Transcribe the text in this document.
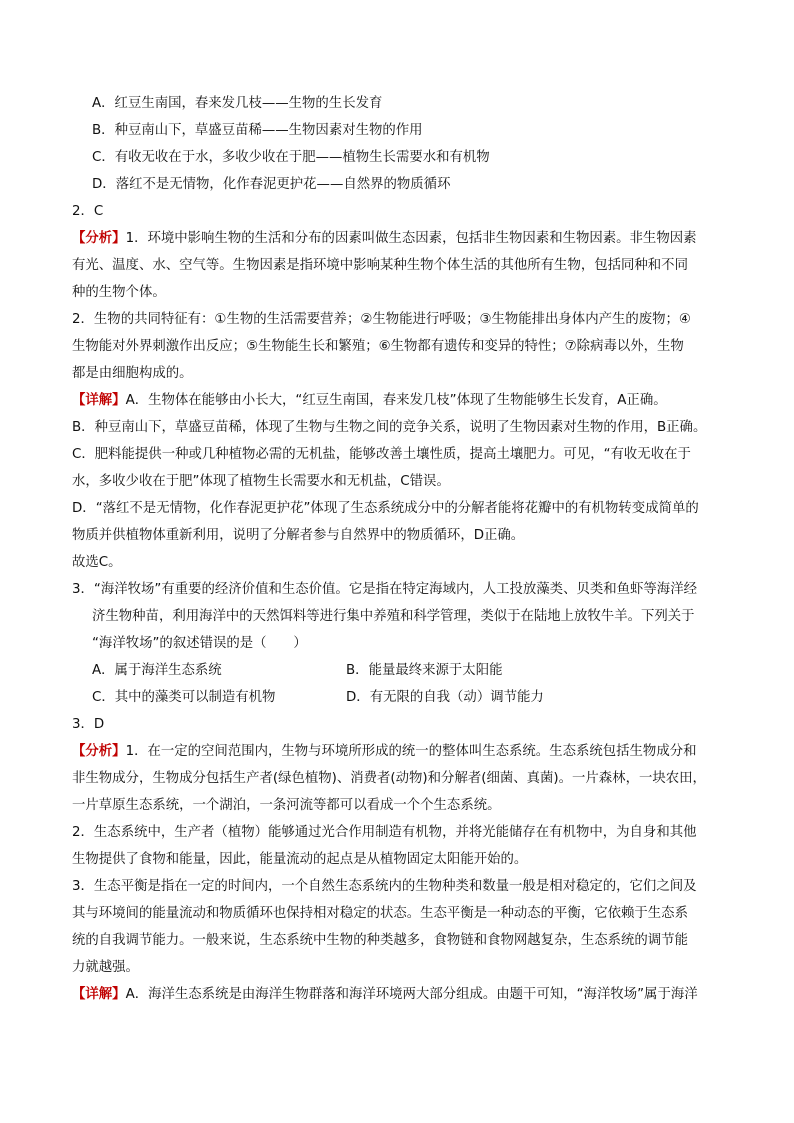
A．红豆生南国，春来发几枝——生物的生长发育
B．种豆南山下，草盛豆苗稀——生物因素对生物的作用
C．有收无收在于水，多收少收在于肥——植物生长需要水和有机物
D．落红不是无情物，化作春泥更护花——自然界的物质循环
2．C
【分析】1．环境中影响生物的生活和分布的因素叫做生态因素，包括非生物因素和生物因素。非生物因素
有光、温度、水、空气等。生物因素是指环境中影响某种生物个体生活的其他所有生物，包括同种和不同
种的生物个体。
2．生物的共同特征有：①生物的生活需要营养；②生物能进行呼吸；③生物能排出身体内产生的废物；④
生物能对外界刺激作出反应；⑤生物能生长和繁殖；⑥生物都有遗传和变异的特性；⑦除病毒以外，生物
都是由细胞构成的。
【详解】A．生物体在能够由小长大，“红豆生南国，春来发几枝”体现了生物能够生长发育，A正确。
B．种豆南山下，草盛豆苗稀，体现了生物与生物之间的竞争关系，说明了生物因素对生物的作用，B正确。
C．肥料能提供一种或几种植物必需的无机盐，能够改善土壤性质，提高土壤肥力。可见，“有收无收在于
水，多收少收在于肥”体现了植物生长需要水和无机盐，C错误。
D．“落红不是无情物，化作春泥更护花”体现了生态系统成分中的分解者能将花瓣中的有机物转变成简单的
物质并供植物体重新利用，说明了分解者参与自然界中的物质循环，D正确。
故选C。
3．“海洋牧场”有重要的经济价值和生态价值。它是指在特定海域内，人工投放藻类、贝类和鱼虾等海洋经
济生物种苗，利用海洋中的天然饵料等进行集中养殖和科学管理，类似于在陆地上放牧牛羊。下列关于
“海洋牧场”的叙述错误的是（　　）
A．属于海洋生态系统	B．能量最终来源于太阳能
C．其中的藻类可以制造有机物	D．有无限的自我（动）调节能力
3．D
【分析】1．在一定的空间范围内，生物与环境所形成的统一的整体叫生态系统。生态系统包括生物成分和
非生物成分，生物成分包括生产者(绿色植物)、消费者(动物)和分解者(细菌、真菌)。一片森林，一块农田，
一片草原生态系统，一个湖泊，一条河流等都可以看成一个个生态系统。
2．生态系统中，生产者（植物）能够通过光合作用制造有机物，并将光能储存在有机物中，为自身和其他
生物提供了食物和能量，因此，能量流动的起点是从植物固定太阳能开始的。
3．生态平衡是指在一定的时间内，一个自然生态系统内的生物种类和数量一般是相对稳定的，它们之间及
其与环境间的能量流动和物质循环也保持相对稳定的状态。生态平衡是一种动态的平衡，它依赖于生态系
统的自我调节能力。一般来说，生态系统中生物的种类越多，食物链和食物网越复杂，生态系统的调节能
力就越强。
【详解】A．海洋生态系统是由海洋生物群落和海洋环境两大部分组成。由题干可知，“海洋牧场”属于海洋
